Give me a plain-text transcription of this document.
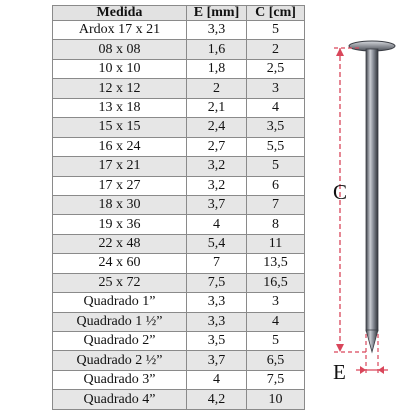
Medida	E [mm]	C [cm]
Ardox 17 x 21	3,3	5
08 x 08	1,6	2
10 x 10	1,8	2,5
12 x 12	2	3
13 x 18	2,1	4
15 x 15	2,4	3,5
16 x 24	2,7	5,5
17 x 21	3,2	5
17 x 27	3,2	6
18 x 30	3,7	7
19 x 36	4	8
22 x 48	5,4	11
24 x 60	7	13,5
25 x 72	7,5	16,5
Quadrado 1”	3,3	3
Quadrado 1 ½”	3,3	4
Quadrado 2”	3,5	5
Quadrado 2 ½”	3,7	6,5
Quadrado 3”	4	7,5
Quadrado 4”	4,2	10
C
E
